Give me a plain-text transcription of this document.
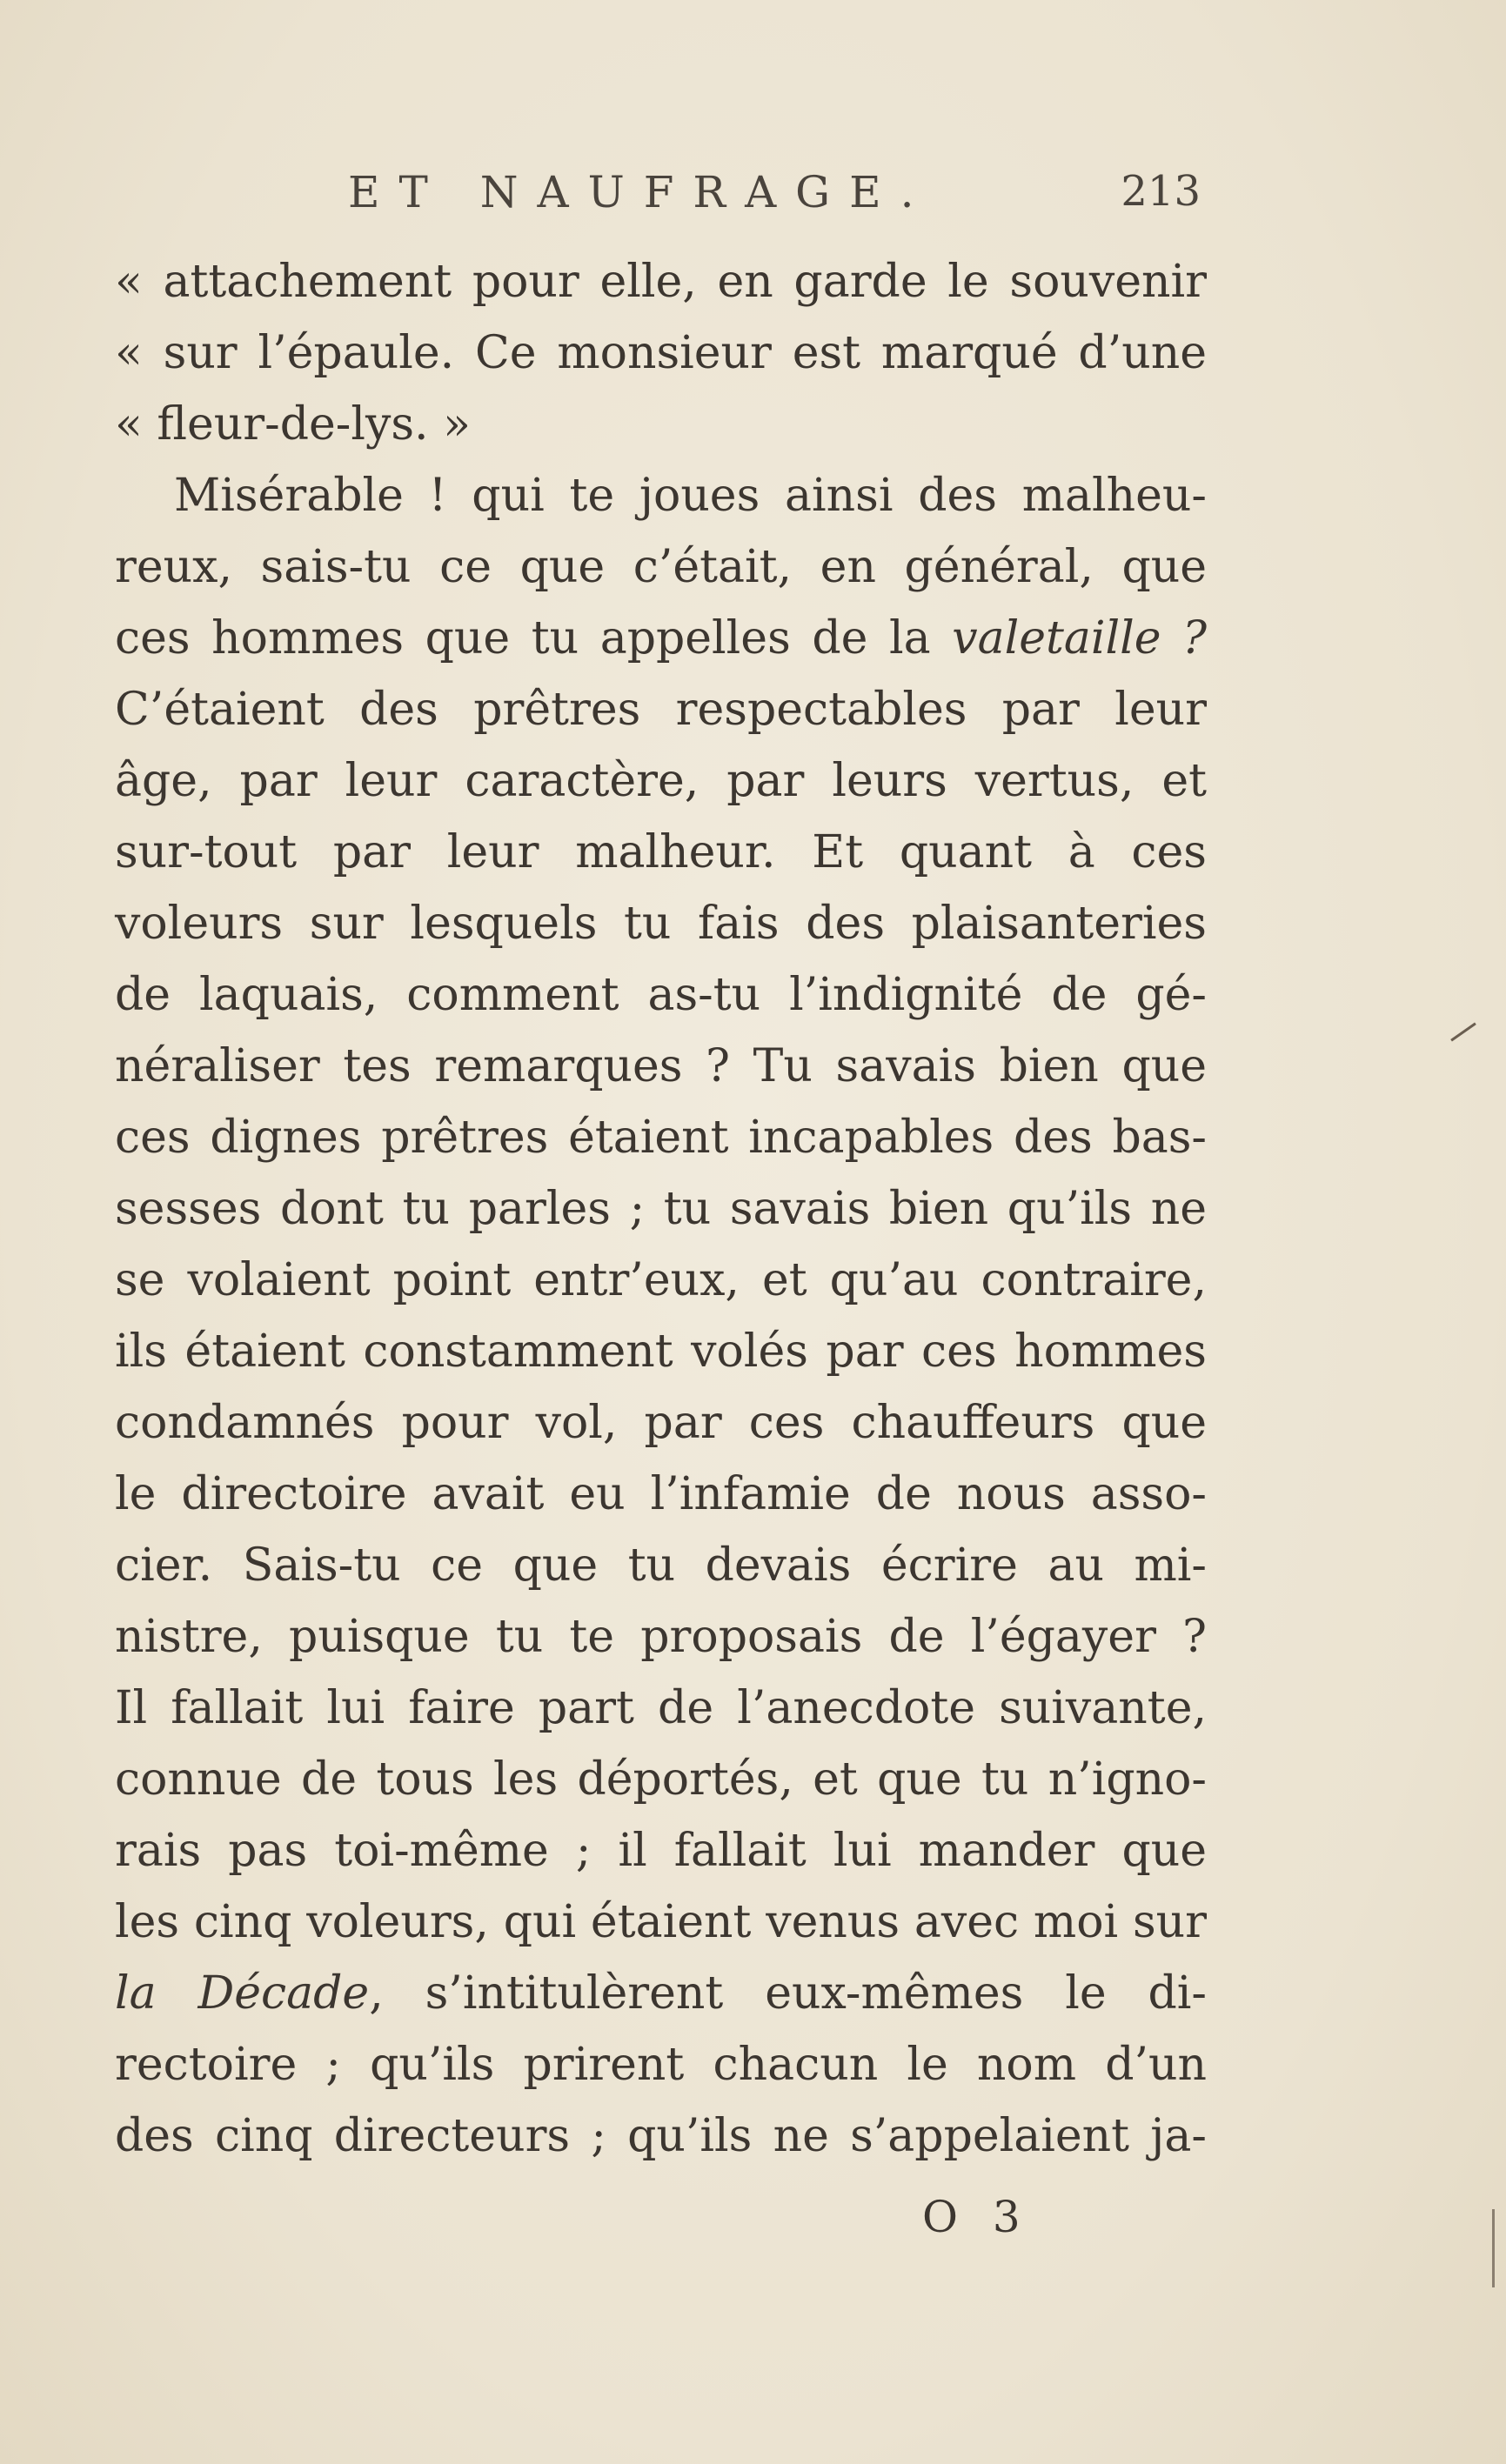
ET NAUFRAGE.	213
« attachement pour elle, en garde le souvenir
« sur l’épaule. Ce monsieur est marqué d’une
« fleur-de-lys. »
Misérable ! qui te joues ainsi des malheu-
reux, sais-tu ce que c’était, en général, que
ces hommes que tu appelles de la valetaille ?
C’étaient des prêtres respectables par leur
âge, par leur caractère, par leurs vertus, et
sur-tout par leur malheur. Et quant à ces
voleurs sur lesquels tu fais des plaisanteries
de laquais, comment as-tu l’indignité de gé-
néraliser tes remarques ? Tu savais bien que
ces dignes prêtres étaient incapables des bas-
sesses dont tu parles ; tu savais bien qu’ils ne
se volaient point entr’eux, et qu’au contraire,
ils étaient constamment volés par ces hommes
condamnés pour vol, par ces chauffeurs que
le directoire avait eu l’infamie de nous asso-
cier. Sais-tu ce que tu devais écrire au mi-
nistre, puisque tu te proposais de l’égayer ?
Il fallait lui faire part de l’anecdote suivante,
connue de tous les déportés, et que tu n’igno-
rais pas toi-même ; il fallait lui mander que
les cinq voleurs, qui étaient venus avec moi sur
la Décade, s’intitulèrent eux-mêmes le di-
rectoire ; qu’ils prirent chacun le nom d’un
des cinq directeurs ; qu’ils ne s’appelaient ja-
O 3
